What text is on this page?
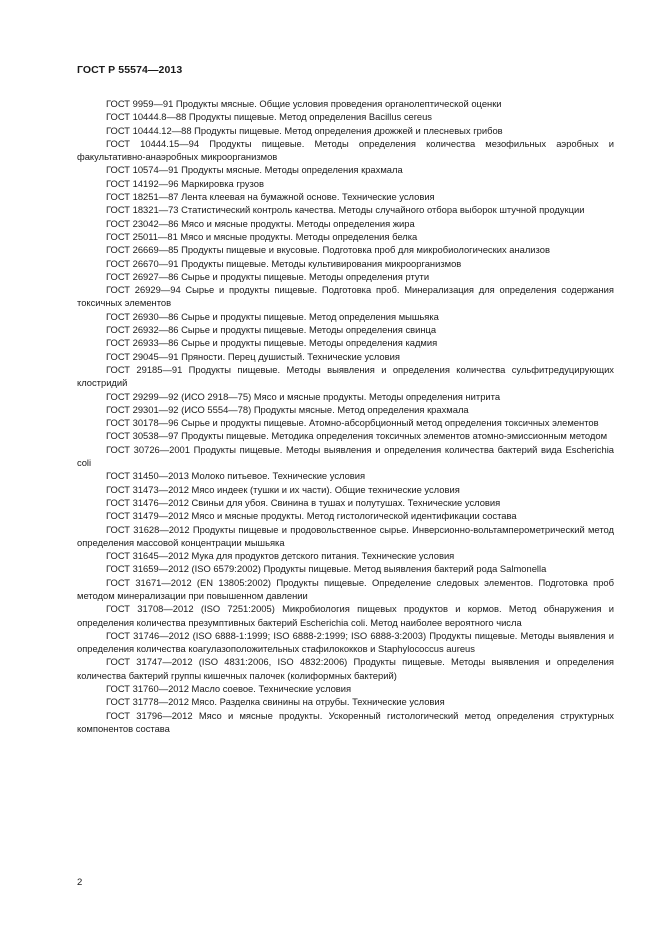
ГОСТ Р 55574—2013

ГОСТ 9959—91 Продукты мясные. Общие условия проведения органолептической оценки

ГОСТ 10444.8—88 Продукты пищевые. Метод определения Bacillus cereus

ГОСТ 10444.12—88 Продукты пищевые. Метод определения дрожжей и плесневых грибов

ГОСТ 10444.15—94 Продукты пищевые. Методы определения количества мезофильных аэробных и факультативно-анаэробных микроорганизмов

ГОСТ 10574—91 Продукты мясные. Методы определения крахмала

ГОСТ 14192—96 Маркировка грузов

ГОСТ 18251—87 Лента клеевая на бумажной основе. Технические условия

ГОСТ 18321—73 Статистический контроль качества. Методы случайного отбора выборок штучной продукции

ГОСТ 23042—86 Мясо и мясные продукты. Методы определения жира

ГОСТ 25011—81 Мясо и мясные продукты. Методы определения белка

ГОСТ 26669—85 Продукты пищевые и вкусовые. Подготовка проб для микробиологических анализов

ГОСТ 26670—91 Продукты пищевые. Методы культивирования микроорганизмов

ГОСТ 26927—86 Сырье и продукты пищевые. Методы определения ртути

ГОСТ 26929—94 Сырье и продукты пищевые. Подготовка проб. Минерализация для определения содержания токсичных элементов

ГОСТ 26930—86 Сырье и продукты пищевые. Метод определения мышьяка

ГОСТ 26932—86 Сырье и продукты пищевые. Методы определения свинца

ГОСТ 26933—86 Сырье и продукты пищевые. Методы определения кадмия

ГОСТ 29045—91 Пряности. Перец душистый. Технические условия

ГОСТ 29185—91 Продукты пищевые. Методы выявления и определения количества сульфитредуцирующих клостридий

ГОСТ 29299—92 (ИСО 2918—75) Мясо и мясные продукты. Методы определения нитрита

ГОСТ 29301—92 (ИСО 5554—78) Продукты мясные. Метод определения крахмала

ГОСТ 30178—96 Сырье и продукты пищевые. Атомно-абсорбционный метод определения токсичных элементов

ГОСТ 30538—97 Продукты пищевые. Методика определения токсичных элементов атомно-эмиссионным методом

ГОСТ 30726—2001 Продукты пищевые. Методы выявления и определения количества бактерий вида Escherichia coli

ГОСТ 31450—2013 Молоко питьевое. Технические условия

ГОСТ 31473—2012 Мясо индеек (тушки и их части). Общие технические условия

ГОСТ 31476—2012 Свиньи для убоя. Свинина в тушах и полутушах. Технические условия

ГОСТ 31479—2012 Мясо и мясные продукты. Метод гистологической идентификации состава

ГОСТ 31628—2012 Продукты пищевые и продовольственное сырье. Инверсионно-вольтамперометрический метод определения массовой концентрации мышьяка

ГОСТ 31645—2012 Мука для продуктов детского питания. Технические условия

ГОСТ 31659—2012 (ISO 6579:2002) Продукты пищевые. Метод выявления бактерий рода Salmonella

ГОСТ 31671—2012 (EN 13805:2002) Продукты пищевые. Определение следовых элементов. Подготовка проб методом минерализации при повышенном давлении

ГОСТ 31708—2012 (ISO 7251:2005) Микробиология пищевых продуктов и кормов. Метод обнаружения и определения количества презумптивных бактерий Escherichia coli. Метод наиболее вероятного числа

ГОСТ 31746—2012 (ISO 6888-1:1999; ISO 6888-2:1999; ISO 6888-3:2003) Продукты пищевые. Методы выявления и определения количества коагулазоположительных стафилококков и Staphylococcus aureus

ГОСТ 31747—2012 (ISO 4831:2006, ISO 4832:2006) Продукты пищевые. Методы выявления и определения количества бактерий группы кишечных палочек (колиформных бактерий)

ГОСТ 31760—2012 Масло соевое. Технические условия

ГОСТ 31778—2012 Мясо. Разделка свинины на отрубы. Технические условия

ГОСТ 31796—2012 Мясо и мясные продукты. Ускоренный гистологический метод определения структурных компонентов состава

2
